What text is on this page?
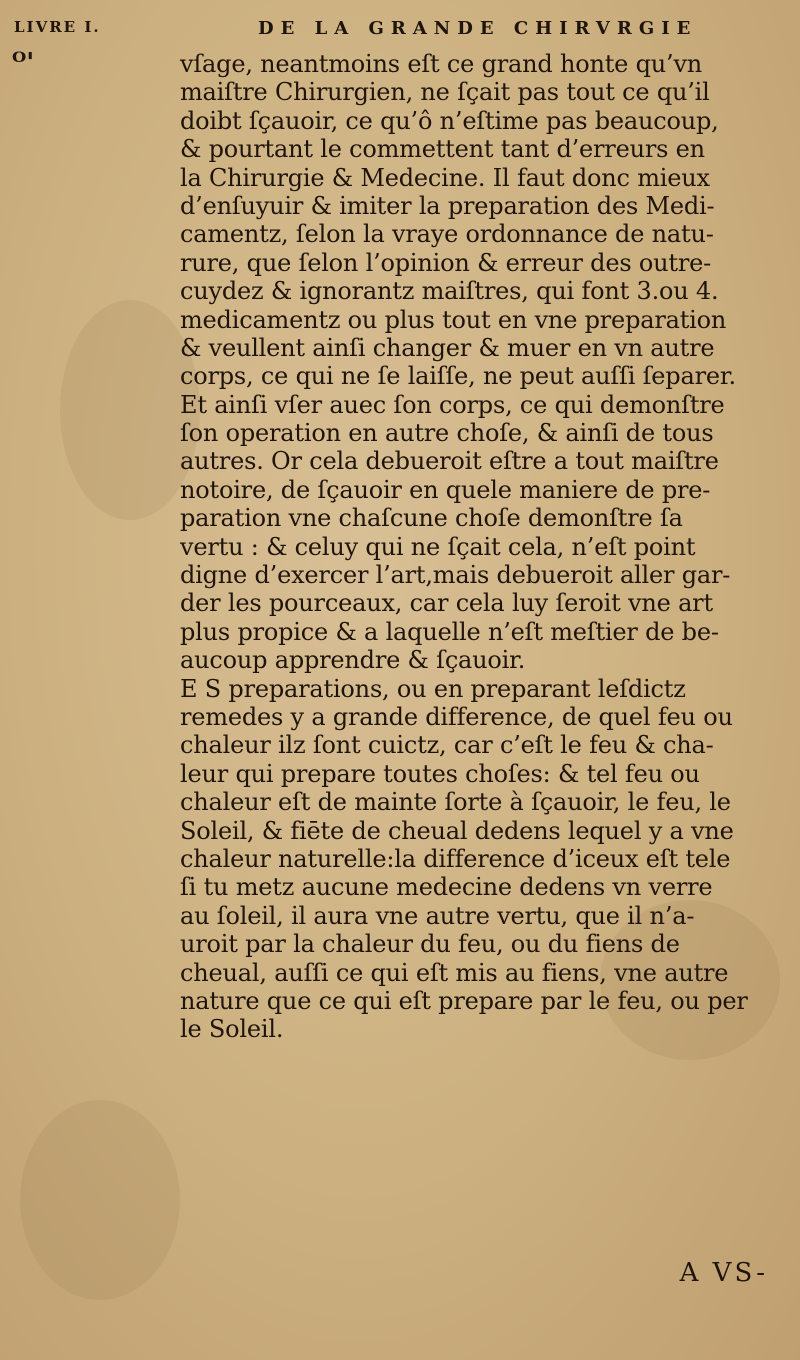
LIVRE I.	DE LA GRANDE CHIRVRGIE
ᴼ'	vſage, neantmoins eſt ce grand honte qu’vn
maiſtre Chirurgien, ne ſçait pas tout ce qu’il
doibt ſçauoir, ce qu’ô n’eſtime pas beaucoup,
& pourtant le commettent tant d’erreurs en
la Chirurgie & Medecine. Il faut donc mieux
d’enſuyuir & imiter la preparation des Medi-
camentz, ſelon la vraye ordonnance de natu-
rure, que ſelon l’opinion & erreur des outre-
cuydez & ignorantz maiſtres, qui font 3.ou 4.
medicamentz ou plus tout en vne preparation
& veullent ainſi changer & muer en vn autre
corps, ce qui ne ſe laiſſe, ne peut auſſi ſeparer.
Et ainſi vſer auec ſon corps, ce qui demonſtre
ſon operation en autre choſe, & ainſi de tous
autres. Or cela debueroit eſtre a tout maiſtre
notoire, de ſçauoir en quele maniere de pre-
paration vne chaſcune choſe demonſtre ſa
vertu : & celuy qui ne ſçait cela, n’eſt point
digne d’exercer l’art,mais debueroit aller gar-
der les pourceaux, car cela luy ſeroit vne art
plus propice & a laquelle n’eſt meſtier de be-
aucoup apprendre & ſçauoir.
E S preparations, ou en preparant leſdictz
remedes y a grande difference, de quel feu ou
chaleur ilz ſont cuictz, car c’eſt le feu & cha-
leur qui prepare toutes choſes: & tel feu ou
chaleur eſt de mainte ſorte à ſçauoir, le feu, le
Soleil, & fiēte de cheual dedens lequel y a vne
chaleur naturelle:la difference d’iceux eſt tele
ſi tu metz aucune medecine dedens vn verre
au ſoleil, il aura vne autre vertu, que il n’a-
uroit par la chaleur du feu, ou du fiens de
cheual, auſſi ce qui eſt mis au fiens, vne autre
nature que ce qui eſt prepare par le feu, ou per
le Soleil.
A VS-
